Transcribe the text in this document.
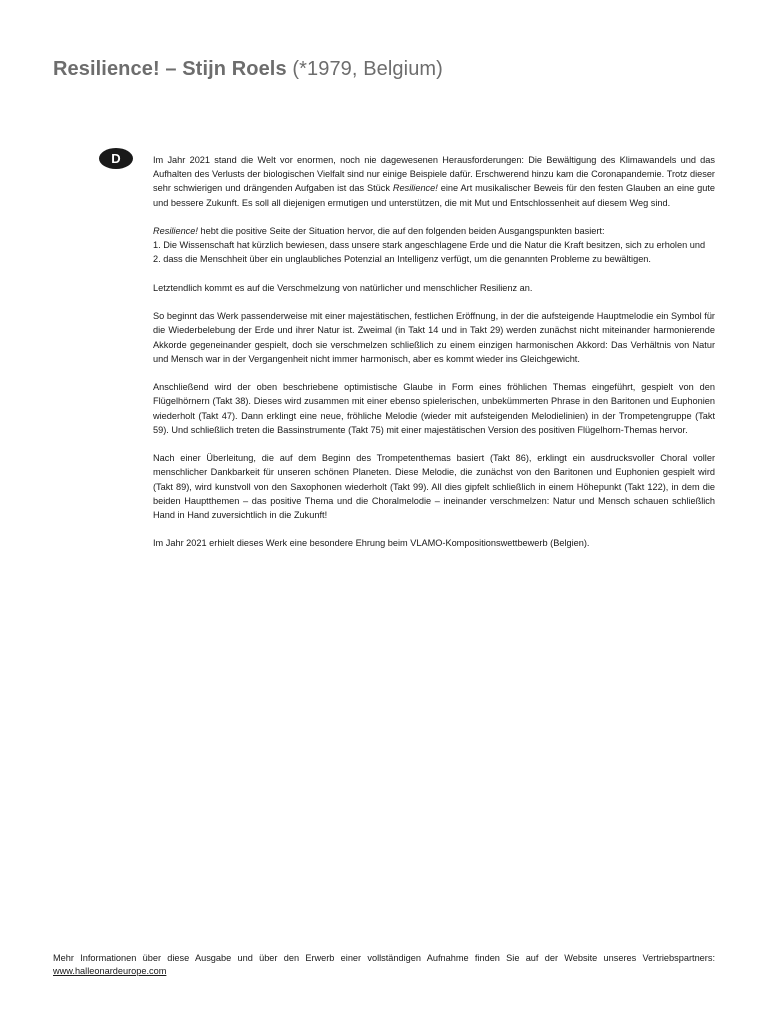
Resilience! – Stijn Roels (*1979, Belgium)
D	Im Jahr 2021 stand die Welt vor enormen, noch nie dagewesenen Herausforderungen: Die Bewältigung des Klimawandels und das Aufhalten des Verlusts der biologischen Vielfalt sind nur einige Beispiele dafür. Erschwerend hinzu kam die Coronapandemie. Trotz dieser sehr schwierigen und drängenden Aufgaben ist das Stück Resilience! eine Art musikalischer Beweis für den festen Glauben an eine gute und bessere Zukunft. Es soll all diejenigen ermutigen und unterstützen, die mit Mut und Entschlossenheit auf diesem Weg sind.

Resilience! hebt die positive Seite der Situation hervor, die auf den folgenden beiden Ausgangspunkten basiert:

1. Die Wissenschaft hat kürzlich bewiesen, dass unsere stark angeschlagene Erde und die Natur die Kraft besitzen, sich zu erholen und

2. dass die Menschheit über ein unglaubliches Potenzial an Intelligenz verfügt, um die genannten Probleme zu bewältigen.

Letztendlich kommt es auf die Verschmelzung von natürlicher und menschlicher Resilienz an.

So beginnt das Werk passenderweise mit einer majestätischen, festlichen Eröffnung, in der die aufsteigende Hauptmelodie ein Symbol für die Wiederbelebung der Erde und ihrer Natur ist. Zweimal (in Takt 14 und in Takt 29) werden zunächst nicht miteinander harmonierende Akkorde gegeneinander gespielt, doch sie verschmelzen schließlich zu einem einzigen harmonischen Akkord: Das Verhältnis von Natur und Mensch war in der Vergangenheit nicht immer harmonisch, aber es kommt wieder ins Gleichgewicht.

Anschließend wird der oben beschriebene optimistische Glaube in Form eines fröhlichen Themas eingeführt, gespielt von den Flügelhörnern (Takt 38). Dieses wird zusammen mit einer ebenso spielerischen, unbekümmerten Phrase in den Baritonen und Euphonien wiederholt (Takt 47). Dann erklingt eine neue, fröhliche Melodie (wieder mit aufsteigenden Melodielinien) in der Trompetengruppe (Takt 59). Und schließlich treten die Bassinstrumente (Takt 75) mit einer majestätischen Version des positiven Flügelhorn-Themas hervor.

Nach einer Überleitung, die auf dem Beginn des Trompetenthemas basiert (Takt 86), erklingt ein ausdrucksvoller Choral voller menschlicher Dankbarkeit für unseren schönen Planeten. Diese Melodie, die zunächst von den Baritonen und Euphonien gespielt wird (Takt 89), wird kunstvoll von den Saxophonen wiederholt (Takt 99). All dies gipfelt schließlich in einem Höhepunkt (Takt 122), in dem die beiden Hauptthemen – das positive Thema und die Choralmelodie – ineinander verschmelzen: Natur und Mensch schauen schließlich Hand in Hand zuversichtlich in die Zukunft!

Im Jahr 2021 erhielt dieses Werk eine besondere Ehrung beim VLAMO-Kompositionswettbewerb (Belgien).

Mehr Informationen über diese Ausgabe und über den Erwerb einer vollständigen Aufnahme finden Sie auf der Website unseres Vertriebspartners:
www.halleonardeurope.com
